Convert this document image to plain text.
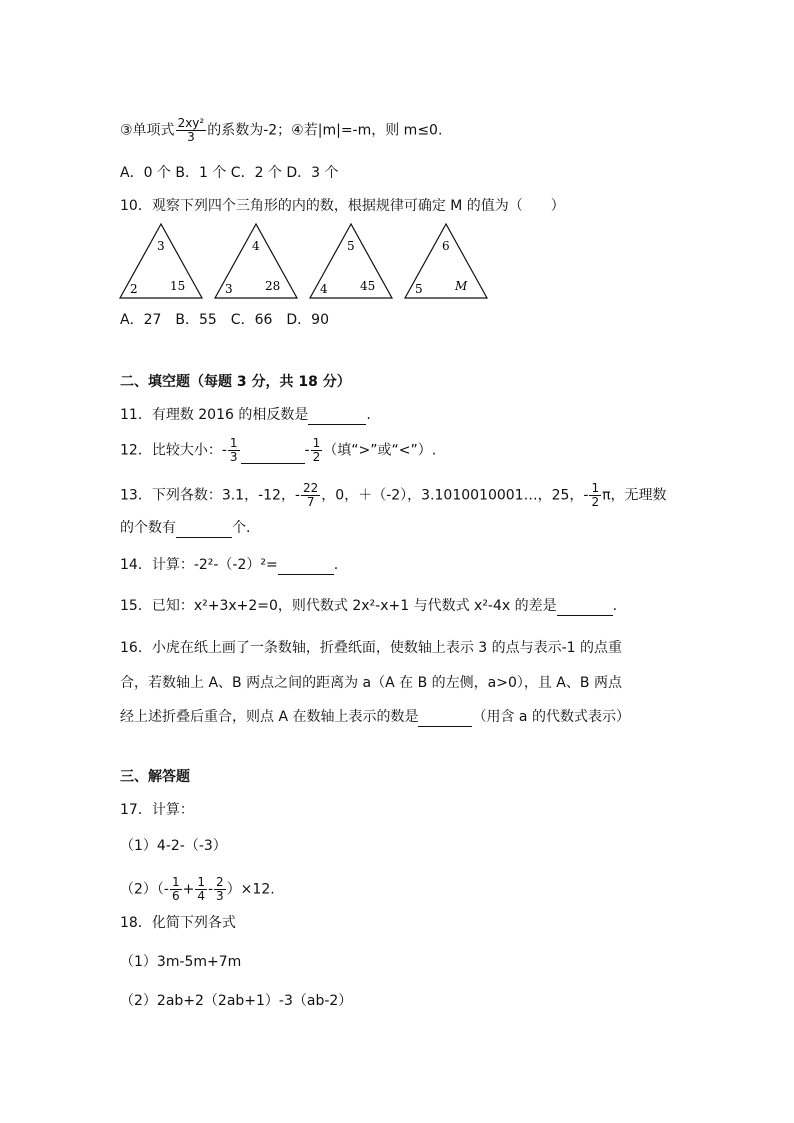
③单项式 $\frac{\text{2xy²}}{3}$ 的系数为-2；④若|m|=-m，则 m≤0.
A．0 个 B．1 个 C．2 个 D．3 个
10．观察下列四个三角形的内的数，根据规律可确定 M 的值为（　　）
3
2	15
4
3	28
5
4	45
6
5	M
A．27　B．55　C．66　D．90
二、填空题（每题 3 分，共 18 分）
11．有理数 2016 的相反数是	.
12．比较大小：- $\frac{1}{3}$	- $\frac{1}{2}$ （填“>”或“<”）.
13．下列各数：3.1，-12，- $\frac{22}{7}$ ，0，＋（-2），3.1010010001…，25，- $\frac{1}{2}$ π，无理数
的个数有	个.
14．计算：-2²-（-2）²=	.
15．已知：x²+3x+2=0，则代数式 2x²-x+1 与代数式 x²-4x 的差是	.
16．小虎在纸上画了一条数轴，折叠纸面，使数轴上表示 3 的点与表示-1 的点重
合，若数轴上 A、B 两点之间的距离为 a（A 在 B 的左侧，a>0），且 A、B 两点
经上述折叠后重合，则点 A 在数轴上表示的数是	（用含 a 的代数式表示）
三、解答题
17．计算：
（1）4-2-（-3）
$(2)(- \frac{1}{6} + \frac{1}{4} - \frac{2}{3} )\times 12$.
18．化简下列各式
（1）3m-5m+7m
（2）2ab+2（2ab+1）-3（ab-2）
